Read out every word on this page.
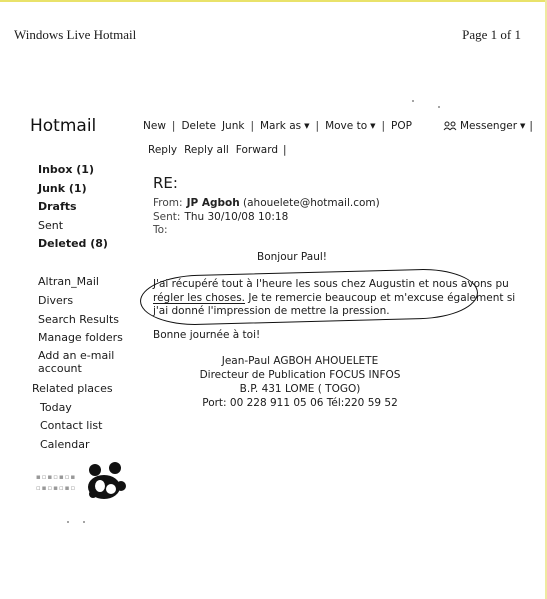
Windows Live Hotmail	Page 1 of 1
Hotmail	New | Delete Junk | Mark as ▼ | Move to ▼ | POP	Messenger ▼ |
Reply Reply all Forward |
Inbox (1)
Junk (1)
Drafts
Sent
Deleted (8)
Altran_Mail
Divers
Search Results
Manage folders
Add an e-mail
account
Related places
Today
Contact list
Calendar
▪▫▪▫▪▫▪
▫▪▫▪▫▪▫
RE:
From: JP Agboh (ahouelete@hotmail.com)
Sent: Thu 30/10/08 10:18
To:
Bonjour Paul!
J'ai récupéré tout à l'heure les sous chez Augustin et nous avons pu
régler les choses. Je te remercie beaucoup et m'excuse également si
j'ai donné l'impression de mettre la pression.
Bonne journée à toi!
Jean-Paul AGBOH AHOUELETE
Directeur de Publication FOCUS INFOS
B.P. 431 LOME ( TOGO)
Port: 00 228 911 05 06 Tél:220 59 52
